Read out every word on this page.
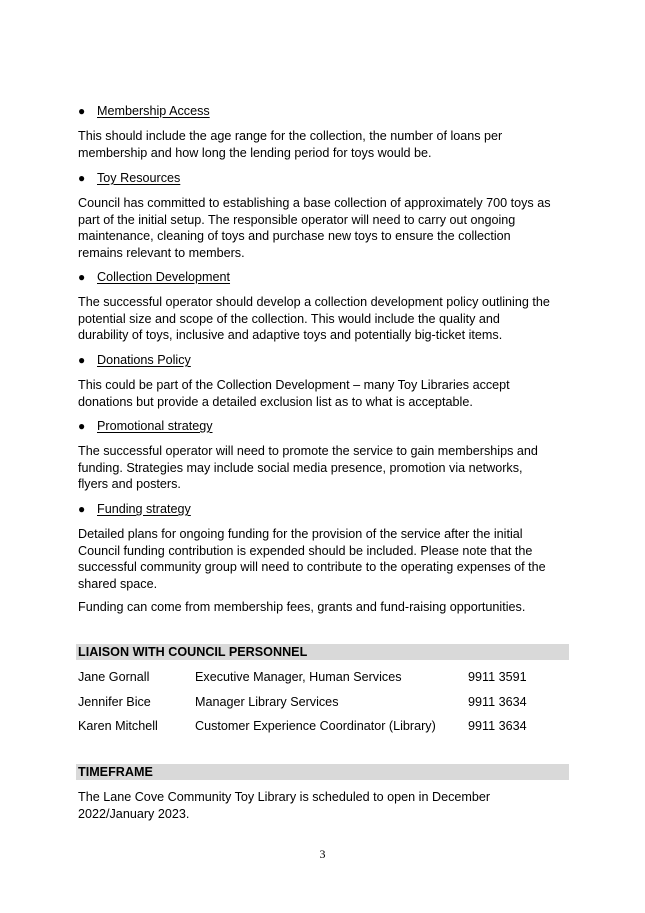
● Membership Access

This should include the age range for the collection, the number of loans per
membership and how long the lending period for toys would be.

● Toy Resources

Council has committed to establishing a base collection of approximately 700 toys as
part of the initial setup. The responsible operator will need to carry out ongoing
maintenance, cleaning of toys and purchase new toys to ensure the collection
remains relevant to members.

● Collection Development

The successful operator should develop a collection development policy outlining the
potential size and scope of the collection. This would include the quality and
durability of toys, inclusive and adaptive toys and potentially big-ticket items.

● Donations Policy

This could be part of the Collection Development – many Toy Libraries accept
donations but provide a detailed exclusion list as to what is acceptable.

● Promotional strategy

The successful operator will need to promote the service to gain memberships and
funding. Strategies may include social media presence, promotion via networks,
flyers and posters.

● Funding strategy

Detailed plans for ongoing funding for the provision of the service after the initial
Council funding contribution is expended should be included. Please note that the
successful community group will need to contribute to the operating expenses of the
shared space.

Funding can come from membership fees, grants and fund-raising opportunities.

LIAISON WITH COUNCIL PERSONNEL
Jane Gornall	Executive Manager, Human Services	9911 3591
Jennifer Bice	Manager Library Services	9911 3634
Karen Mitchell	Customer Experience Coordinator (Library)	9911 3634
TIMEFRAME

The Lane Cove Community Toy Library is scheduled to open in December
2022/January 2023.

3
